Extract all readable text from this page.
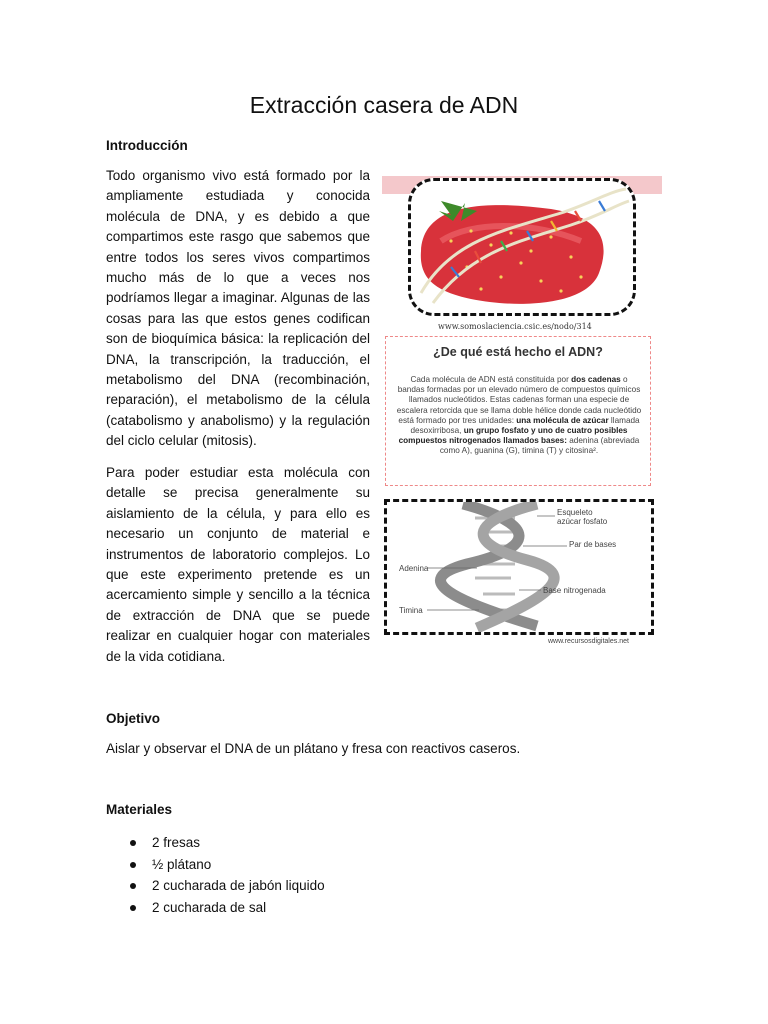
Extracción casera de ADN
Introducción

Todo organismo vivo está formado por la ampliamente estudiada y conocida molécula de DNA, y es debido a que compartimos este rasgo que sabemos que entre todos los seres vivos compartimos mucho más de lo que a veces nos podríamos llegar a imaginar. Algunas de las cosas para las que estos genes codifican son de bioquímica básica: la replicación del DNA, la transcripción, la traducción, el metabolismo del DNA (recombinación, reparación), el metabolismo de la célula (catabolismo y anabolismo) y la regulación del ciclo celular (mitosis).

Para poder estudiar esta molécula con detalle se precisa generalmente su aislamiento de la célula, y para ello es necesario un conjunto de material e instrumentos de laboratorio complejos. Lo que este experimento pretende es un acercamiento simple y sencillo a la técnica de extracción de DNA que se puede realizar en cualquier hogar con materiales de la vida cotidiana.

Objetivo
Aislar y observar el DNA de un plátano y fresa con reactivos caseros.
Materiales
2 fresas
½ plátano
2 cucharada de jabón liquido
2 cucharada de sal
www.somoslaciencia.csic.es/nodo/314
¿De qué está hecho el ADN?

Cada molécula de ADN está constituida por dos cadenas o bandas formadas por un elevado número de compuestos químicos llamados nucleótidos. Estas cadenas forman una especie de escalera retorcida que se llama doble hélice donde cada nucleótido está formado por tres unidades: una molécula de azúcar llamada desoxirribosa, un grupo fosfato y uno de cuatro posibles compuestos nitrogenados llamados bases: adenina (abreviada como A), guanina (G), timina (T) y citosina².

Esqueleto azúcar fosfato
Par de bases
Adenina
Base nitrogenada
Timina
www.recursosdigitales.net
